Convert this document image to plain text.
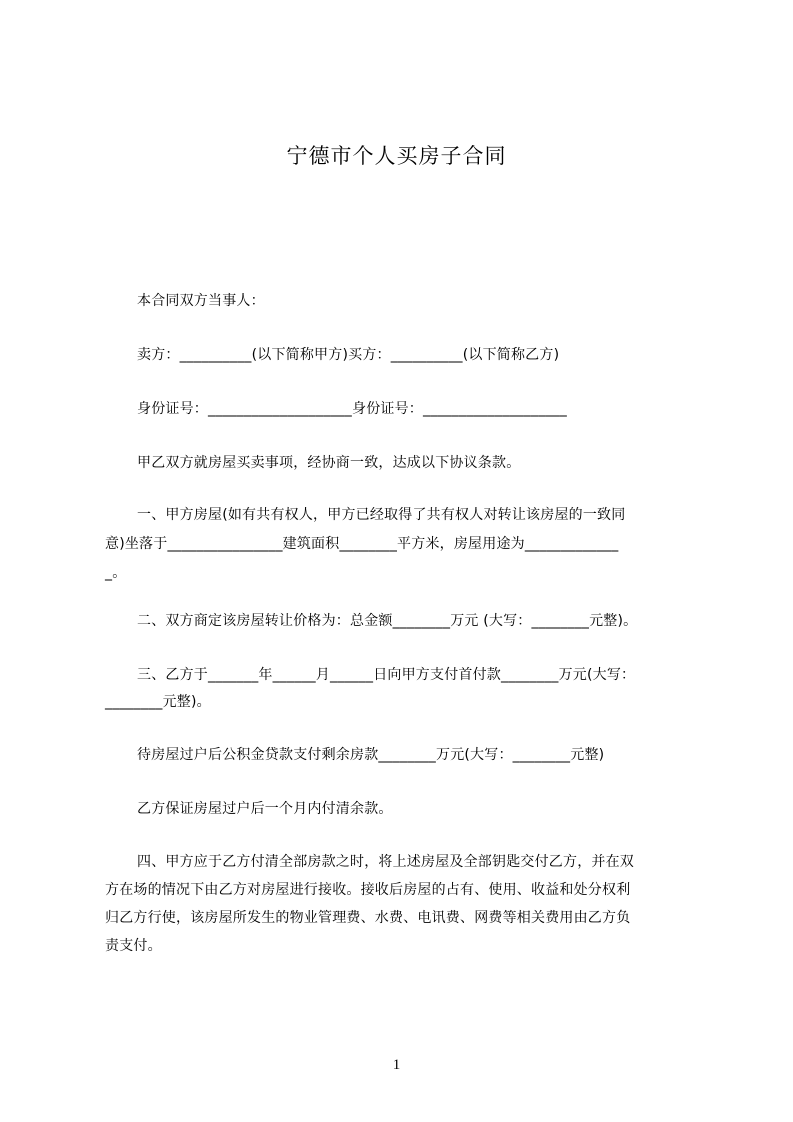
宁德市个人买房子合同
本合同双方当事人：
卖方：__________(以下简称甲方)买方：__________(以下简称乙方)
身份证号：____________________身份证号：____________________
甲乙双方就房屋买卖事项，经协商一致，达成以下协议条款。
一、甲方房屋(如有共有权人，甲方已经取得了共有权人对转让该房屋的一致同
意)坐落于________________建筑面积________平方米，房屋用途为_____________
_。
二、双方商定该房屋转让价格为：总金额________万元 (大写：________元整)。
三、乙方于_______年______月______日向甲方支付首付款________万元(大写：
________元整)。
待房屋过户后公积金贷款支付剩余房款________万元(大写：________元整)
乙方保证房屋过户后一个月内付清余款。
四、甲方应于乙方付清全部房款之时，将上述房屋及全部钥匙交付乙方，并在双
方在场的情况下由乙方对房屋进行接收。接收后房屋的占有、使用、收益和处分权利
归乙方行使，该房屋所发生的物业管理费、水费、电讯费、网费等相关费用由乙方负
责支付。
1
